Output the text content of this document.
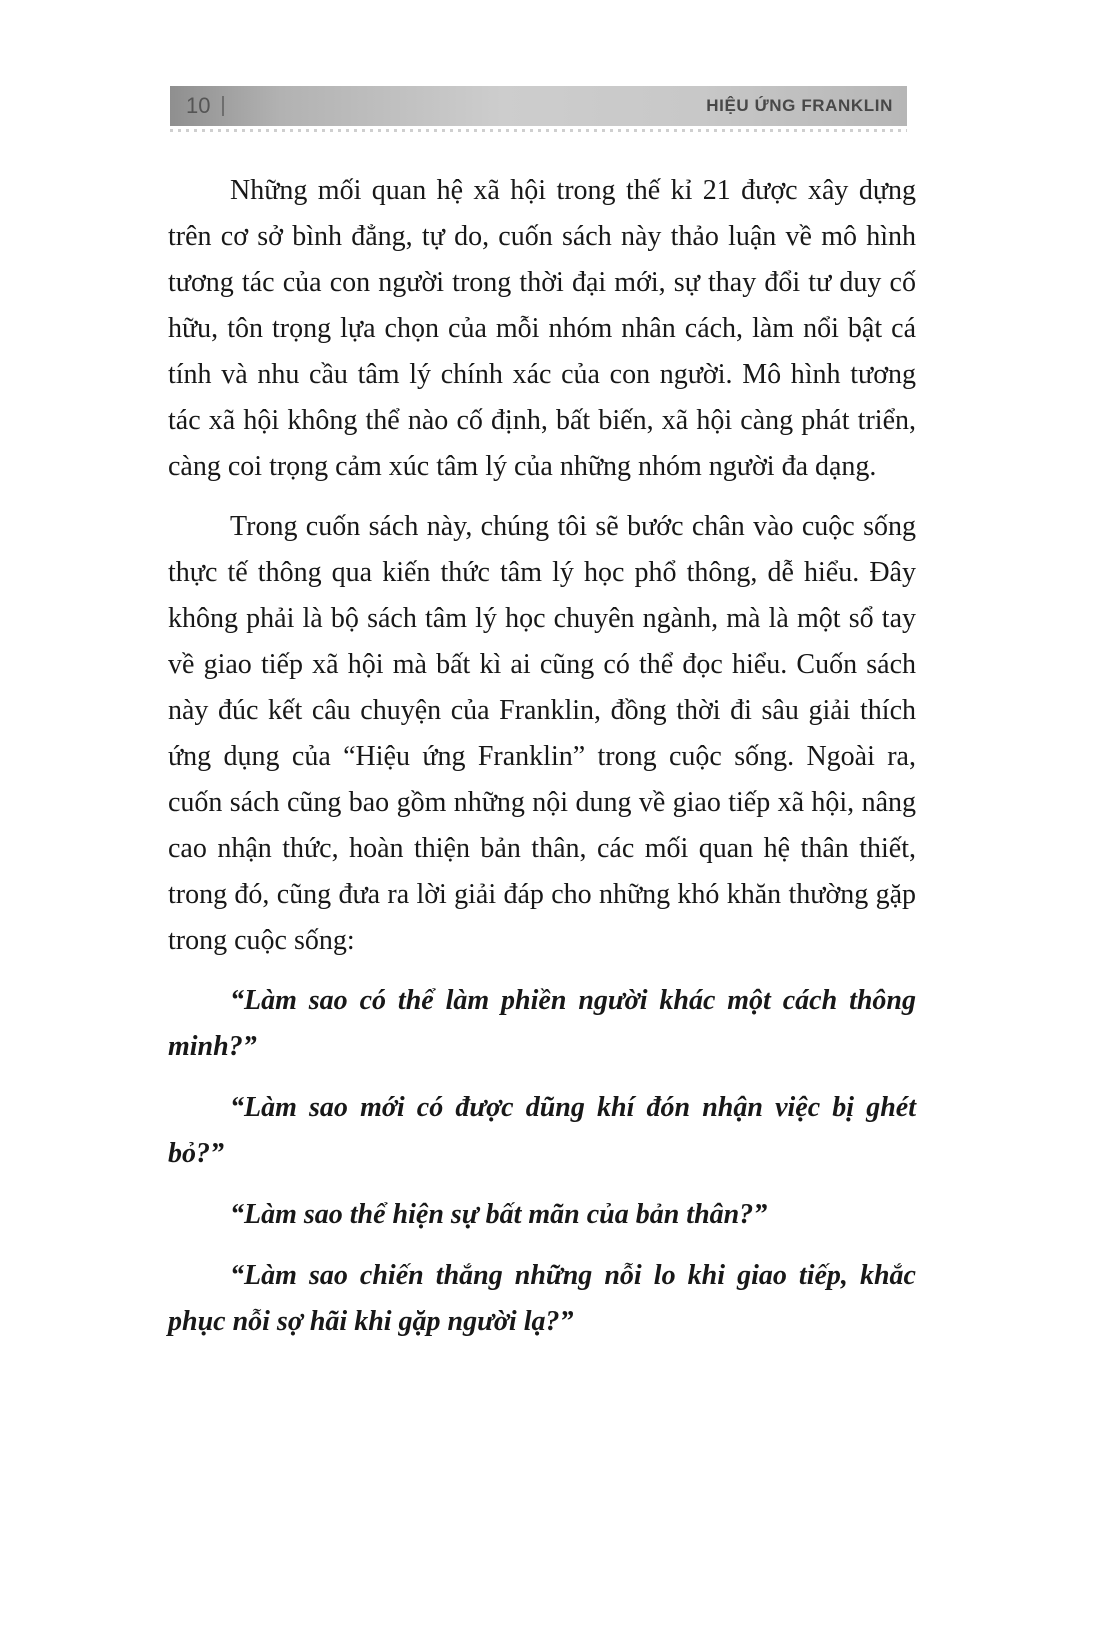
10	HIỆU ỨNG FRANKLIN

Những mối quan hệ xã hội trong thế kỉ 21 được xây dựng trên cơ sở bình đẳng, tự do, cuốn sách này thảo luận về mô hình tương tác của con người trong thời đại mới, sự thay đổi tư duy cố hữu, tôn trọng lựa chọn của mỗi nhóm nhân cách, làm nổi bật cá tính và nhu cầu tâm lý chính xác của con người. Mô hình tương tác xã hội không thể nào cố định, bất biến, xã hội càng phát triển, càng coi trọng cảm xúc tâm lý của những nhóm người đa dạng.

Trong cuốn sách này, chúng tôi sẽ bước chân vào cuộc sống thực tế thông qua kiến thức tâm lý học phổ thông, dễ hiểu. Đây không phải là bộ sách tâm lý học chuyên ngành, mà là một sổ tay về giao tiếp xã hội mà bất kì ai cũng có thể đọc hiểu. Cuốn sách này đúc kết câu chuyện của Franklin, đồng thời đi sâu giải thích ứng dụng của “Hiệu ứng Franklin” trong cuộc sống. Ngoài ra, cuốn sách cũng bao gồm những nội dung về giao tiếp xã hội, nâng cao nhận thức, hoàn thiện bản thân, các mối quan hệ thân thiết, trong đó, cũng đưa ra lời giải đáp cho những khó khăn thường gặp trong cuộc sống:

“Làm sao có thể làm phiền người khác một cách thông minh?”

“Làm sao mới có được dũng khí đón nhận việc bị ghét bỏ?”

“Làm sao thể hiện sự bất mãn của bản thân?”

“Làm sao chiến thắng những nỗi lo khi giao tiếp, khắc phục nỗi sợ hãi khi gặp người lạ?”
